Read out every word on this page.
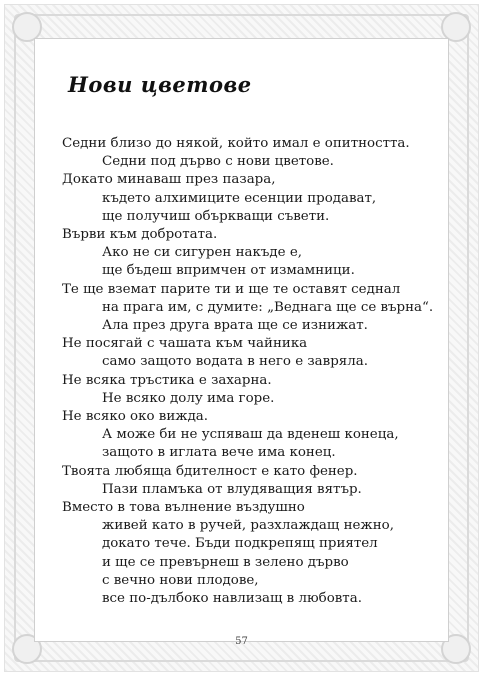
Нови цветове
Седни близо до някой, който имал е опитността.
Седни под дърво с нови цветове.
Докато минаваш през пазара,
където алхимиците есенции продават,
ще получиш объркващи съвети.
Върви към добротата.
Ако не си сигурен накъде е,
ще бъдеш впримчен от измамници.
Те ще вземат парите ти и ще те оставят седнал
на прага им, с думите: „Веднага ще се върна“.
Ала през друга врата ще се изнижат.
Не посягай с чашата към чайника
само защото водата в него е завряла.
Не всяка тръстика е захарна.
Не всяко долу има горе.
Не всяко око вижда.
А може би не успяваш да вденеш конеца,
защото в иглата вече има конец.
Твоята любяща бдителност е като фенер.
Пази пламъка от влудяващия вятър.
Вместо в това вълнение въздушно
живей като в ручей, разхлаждащ нежно,
докато тече. Бъди подкрепящ приятел
и ще се превърнеш в зелено дърво
с вечно нови плодове,
все по-дълбоко навлизащ в любовта.
57
